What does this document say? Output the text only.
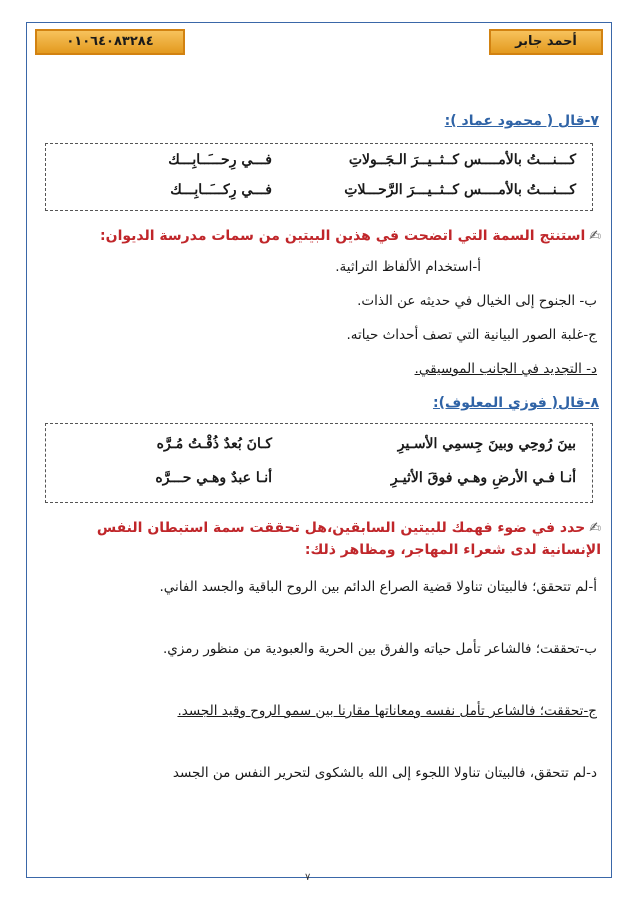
٠١٠٦٤٠٨٣٢٨٤	أحمد جابر
٧-قال ( محمود عماد ):
كـــنـــتُ بالأمــــس كــثــيــرَ الـجَــولاتِ
فـــي رِحـــَــابِـــك
كـــنـــتُ بالأمــــس كــثــيـــرَ الرَّحـــلاتِ
فـــي رِكـــَــابِـــك
✍استنتج السمة التي اتضحت في هذين البيتين من سمات مدرسة الديوان:
أ-استخدام الألفاظ التراثية.
ب- الجنوح إلى الخيال في حديثه عن الذات.
ج-غلبة الصور البيانية التي تصف أحداث حياته.
د- التجديد في الجانب الموسيقي.
٨-قال( فوزي المعلوف):
بينَ رُوحِي وبينَ جِسمِي الأسـيرِ
كـانَ بُعدٌ ذُقْـتُ مُـرَّه
أنـا فـي الأرضِ وهـي فوقَ الأثيـرِ
أنـا عبدٌ وهـي حـــرَّه
✍حدد في ضوء فهمك للبيتين السابقين،هل تحققت سمة استبطان النفس الإنسانية لدى شعراء المهاجر، ومظاهر ذلك:
أ-لم تتحقق؛ فالبيتان تناولا قضية الصراع الدائم بين الروح الباقية والجسد الفاني.
ب-تحققت؛ فالشاعر تأمل حياته والفرق بين الحرية والعبودية من منظور رمزي.
ج-تحققت؛ فالشاعر تأمل نفسه ومعاناتها مقارنا بين سمو الروح وقيد الجسد.
د-لم تتحقق، فالبيتان تناولا اللجوء إلى الله بالشكوى لتحرير النفس من الجسد
٧
